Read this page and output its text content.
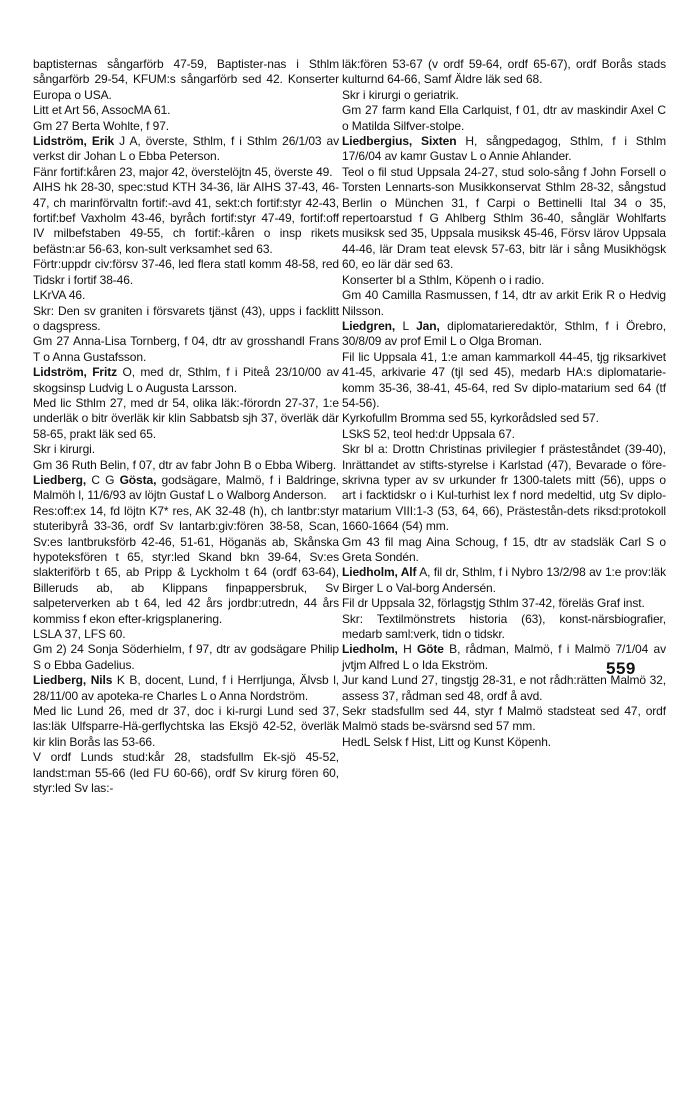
baptisternas sångarförb 47-59, Baptister-nas i Sthlm sångarförb 29-54, KFUM:s sångarförb sed 42. Konserter Europa o USA.

Litt et Art 56, AssocMA 61.

Gm 27 Berta Wohlte, f 97.

Lidström, Erik J A, överste, Sthlm, f i Sthlm 26/1/03 av verkst dir Johan L o Ebba Peterson.

Fänr fortif:kåren 23, major 42, överstelöjtn 45, överste 49.

AIHS hk 28-30, spec:stud KTH 34-36, lär AIHS 37-43, 46-47, ch marinförvaltn fortif:-avd 41, sekt:ch fortif:styr 42-43, fortif:bef Vaxholm 43-46, byråch fortif:styr 47-49, fortif:off IV milbefstaben 49-55, ch fortif:-kåren o insp rikets befästn:ar 56-63, kon-sult verksamhet sed 63.

Förtr:uppdr civ:försv 37-46, led flera statl komm 48-58, red Tidskr i fortif 38-46.

LKrVA 46.

Skr: Den sv graniten i försvarets tjänst (43), upps i facklitt o dagspress.

Gm 27 Anna-Lisa Tornberg, f 04, dtr av grosshandl Frans T o Anna Gustafsson.

Lidström, Fritz O, med dr, Sthlm, f i Piteå 23/10/00 av skogsinsp Ludvig L o Augusta Larsson.

Med lic Sthlm 27, med dr 54, olika läk:-förordn 27-37, 1:e underläk o bitr överläk kir klin Sabbatsb sjh 37, överläk där 58-65, prakt läk sed 65.

Skr i kirurgi.

Gm 36 Ruth Belin, f 07, dtr av fabr John B o Ebba Wiberg.

Liedberg, C G Gösta, godsägare, Malmö, f i Baldringe, Malmöh l, 11/6/93 av löjtn Gustaf L o Walborg Anderson.

Res:off:ex 14, fd löjtn K7* res, AK 32-48 (h), ch lantbr:styr stuteribyrå 33-36, ordf Sv lantarb:giv:fören 38-58, Scan, Sv:es lantbruksförb 42-46, 51-61, Höganäs ab, Skånska hypoteksfören t 65, styr:led Skand bkn 39-64, Sv:es slakteriförb t 65, ab Pripp & Lyckholm t 64 (ordf 63-64), Billeruds ab, ab Klippans finpappersbruk, Sv salpeterverken ab t 64, led 42 års jordbr:utredn, 44 års kommiss f ekon efter-krigsplanering.

LSLA 37, LFS 60.

Gm 2) 24 Sonja Söderhielm, f 97, dtr av godsägare Philip S o Ebba Gadelius.

Liedberg, Nils K B, docent, Lund, f i Herrljunga, Älvsb l, 28/11/00 av apoteka-re Charles L o Anna Nordström.

Med lic Lund 26, med dr 37, doc i ki-rurgi Lund sed 37, las:läk Ulfsparre-Hä-gerflychtska las Eksjö 42-52, överläk kir klin Borås las 53-66.

V ordf Lunds stud:kår 28, stadsfullm Ek-sjö 45-52, landst:man 55-66 (led FU 60-66), ordf Sv kirurg fören 60, styr:led Sv las:-

läk:fören 53-67 (v ordf 59-64, ordf 65-67), ordf Borås stads kulturnd 64-66, Samf Äldre läk sed 68.

Skr i kirurgi o geriatrik.

Gm 27 farm kand Ella Carlquist, f 01, dtr av maskindir Axel C o Matilda Silfver-stolpe.

Liedbergius, Sixten H, sångpedagog, Sthlm, f i Sthlm 17/6/04 av kamr Gustav L o Annie Ahlander.

Teol o fil stud Uppsala 24-27, stud solo-sång f John Forsell o Torsten Lennarts-son Musikkonservat Sthlm 28-32, sångstud Berlin o München 31, f Carpi o Bettinelli Ital 34 o 35, repertoarstud f G Ahlberg Sthlm 36-40, sånglär Wohlfarts musiksk sed 35, Uppsala musiksk 45-46, Försv lärov Uppsala 44-46, lär Dram teat elevsk 57-63, bitr lär i sång Musikhögsk 60, eo lär där sed 63.

Konserter bl a Sthlm, Köpenh o i radio.

Gm 40 Camilla Rasmussen, f 14, dtr av arkit Erik R o Hedvig Nilsson.

Liedgren, L Jan, diplomatarieredaktör, Sthlm, f i Örebro, 30/8/09 av prof Emil L o Olga Broman.

Fil lic Uppsala 41, 1:e aman kammarkoll 44-45, tjg riksarkivet 41-45, arkivarie 47 (tjl sed 45), medarb HA:s diplomatarie-komm 35-36, 38-41, 45-64, red Sv diplo-matarium sed 64 (tf 54-56).

Kyrkofullm Bromma sed 55, kyrkorådsled sed 57.

LSkS 52, teol hed:dr Uppsala 67.

Skr bl a: Drottn Christinas privilegier f prästeståndet (39-40), Inrättandet av stifts-styrelse i Karlstad (47), Bevarade o före-skrivna typer av sv urkunder fr 1300-talets mitt (56), upps o art i facktidskr o i Kul-turhist lex f nord medeltid, utg Sv diplo-matarium VIII:1-3 (53, 64, 66), Prästestån-dets riksd:protokoll 1660-1664 (54) mm.

Gm 43 fil mag Aina Schoug, f 15, dtr av stadsläk Carl S o Greta Sondén.

Liedholm, Alf A, fil dr, Sthlm, f i Nybro 13/2/98 av 1:e prov:läk Birger L o Val-borg Andersén.

Fil dr Uppsala 32, förlagstjg Sthlm 37-42, föreläs Graf inst.

Skr: Textilmönstrets historia (63), konst-närsbiografier, medarb saml:verk, tidn o tidskr.

Liedholm, H Göte B, rådman, Malmö, f i Malmö 7/1/04 av jvtjm Alfred L o Ida Ekström.

Jur kand Lund 27, tingstjg 28-31, e not rådh:rätten Malmö 32, assess 37, rådman sed 48, ordf å avd.

Sekr stadsfullm sed 44, styr f Malmö stadsteat sed 47, ordf Malmö stads be-svärsnd sed 57 mm.

HedL Selsk f Hist, Litt og Kunst Köpenh.

559
